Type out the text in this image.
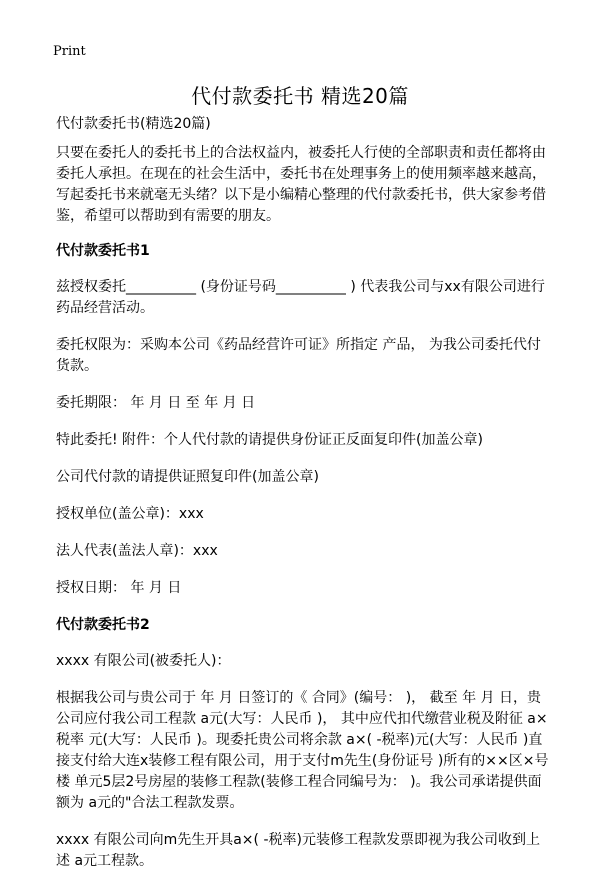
Print
代付款委托书 精选20篇

代付款委托书(精选20篇)

只要在委托人的委托书上的合法权益内，被委托人行使的全部职责和责任都将由委托人承担。在现在的社会生活中，委托书在处理事务上的使用频率越来越高，写起委托书来就毫无头绪？以下是小编精心整理的代付款委托书，供大家参考借鉴，希望可以帮助到有需要的朋友。

代付款委托书1

兹授权委托__________ (身份证号码__________ ) 代表我公司与xx有限公司进行药品经营活动。

委托权限为：采购本公司《药品经营许可证》所指定 产品， 为我公司委托代付货款。

委托期限： 年 月 日 至 年 月 日

特此委托! 附件：个人代付款的请提供身份证正反面复印件(加盖公章)

公司代付款的请提供证照复印件(加盖公章)

授权单位(盖公章)：xxx

法人代表(盖法人章)：xxx

授权日期： 年 月 日

代付款委托书2

xxxx 有限公司(被委托人)：

根据我公司与贵公司于 年 月 日签订的《 合同》(编号： )， 截至 年 月 日，贵公司应付我公司工程款 a元(大写：人民币 )， 其中应代扣代缴营业税及附征 a×税率 元(大写：人民币 )。现委托贵公司将余款 a×( -税率)元(大写：人民币 )直接支付给大连x装修工程有限公司，用于支付m先生(身份证号 )所有的××区×号楼 单元5层2号房屋的装修工程款(装修工程合同编号为： )。我公司承诺提供面额为 a元的"合法工程款发票。

xxxx 有限公司向m先生开具a×( -税率)元装修工程款发票即视为我公司收到上述 a元工程款。
